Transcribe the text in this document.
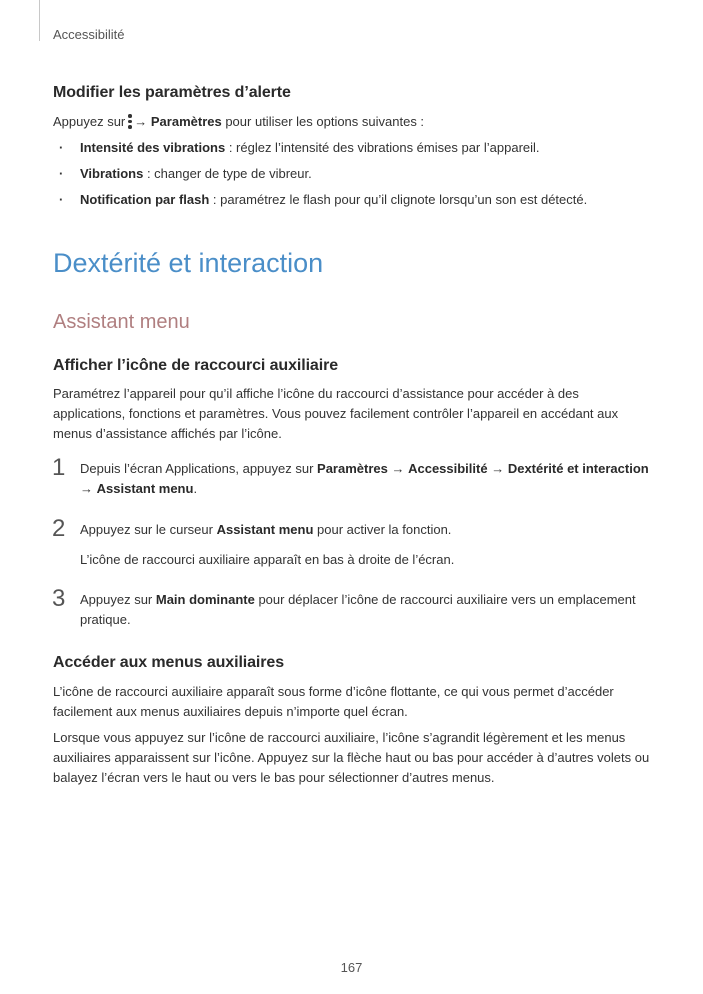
Accessibilité
Modifier les paramètres d’alerte

Appuyez sur → Paramètres pour utiliser les options suivantes :

· Intensité des vibrations : réglez l’intensité des vibrations émises par l’appareil.
· Vibrations : changer de type de vibreur.
· Notification par flash : paramétrez le flash pour qu’il clignote lorsqu’un son est détecté.
Dextérité et interaction
Assistant menu
Afficher l’icône de raccourci auxiliaire

Paramétrez l’appareil pour qu’il affiche l’icône du raccourci d’assistance pour accéder à des applications, fonctions et paramètres. Vous pouvez facilement contrôler l’appareil en accédant aux menus d’assistance affichés par l’icône.

1 Depuis l’écran Applications, appuyez sur Paramètres → Accessibilité → Dextérité et interaction → Assistant menu.

2 Appuyez sur le curseur Assistant menu pour activer la fonction.

L’icône de raccourci auxiliaire apparaît en bas à droite de l’écran.

3 Appuyez sur Main dominante pour déplacer l’icône de raccourci auxiliaire vers un emplacement pratique.

Accéder aux menus auxiliaires

L’icône de raccourci auxiliaire apparaît sous forme d’icône flottante, ce qui vous permet d’accéder facilement aux menus auxiliaires depuis n’importe quel écran.

Lorsque vous appuyez sur l’icône de raccourci auxiliaire, l’icône s’agrandit légèrement et les menus auxiliaires apparaissent sur l’icône. Appuyez sur la flèche haut ou bas pour accéder à d’autres volets ou balayez l’écran vers le haut ou vers le bas pour sélectionner d’autres menus.

167
